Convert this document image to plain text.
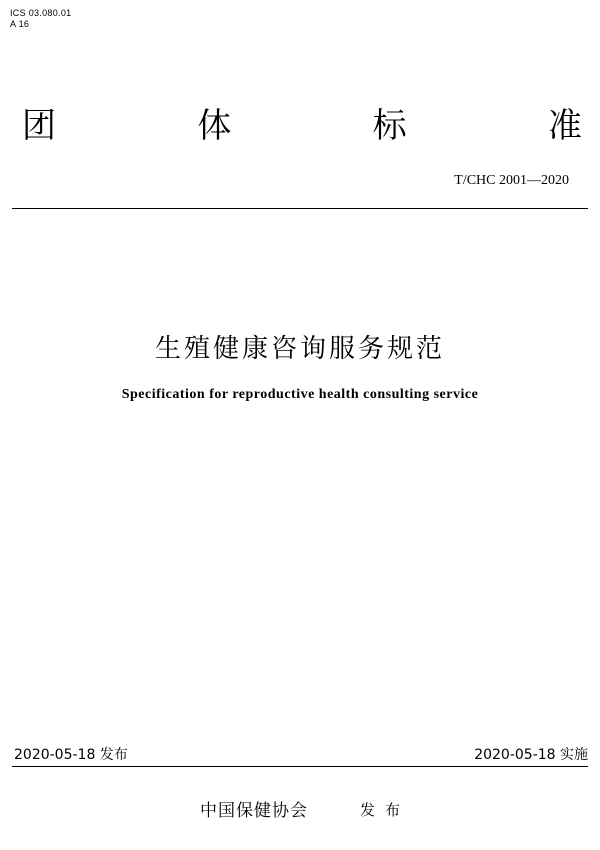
ICS 03.080.01
A 16
团	体	标	准
T/CHC 2001—2020
生殖健康咨询服务规范
Specification for reproductive health consulting service
2020-05-18 发布	2020-05-18 实施
中国保健协会	发布
